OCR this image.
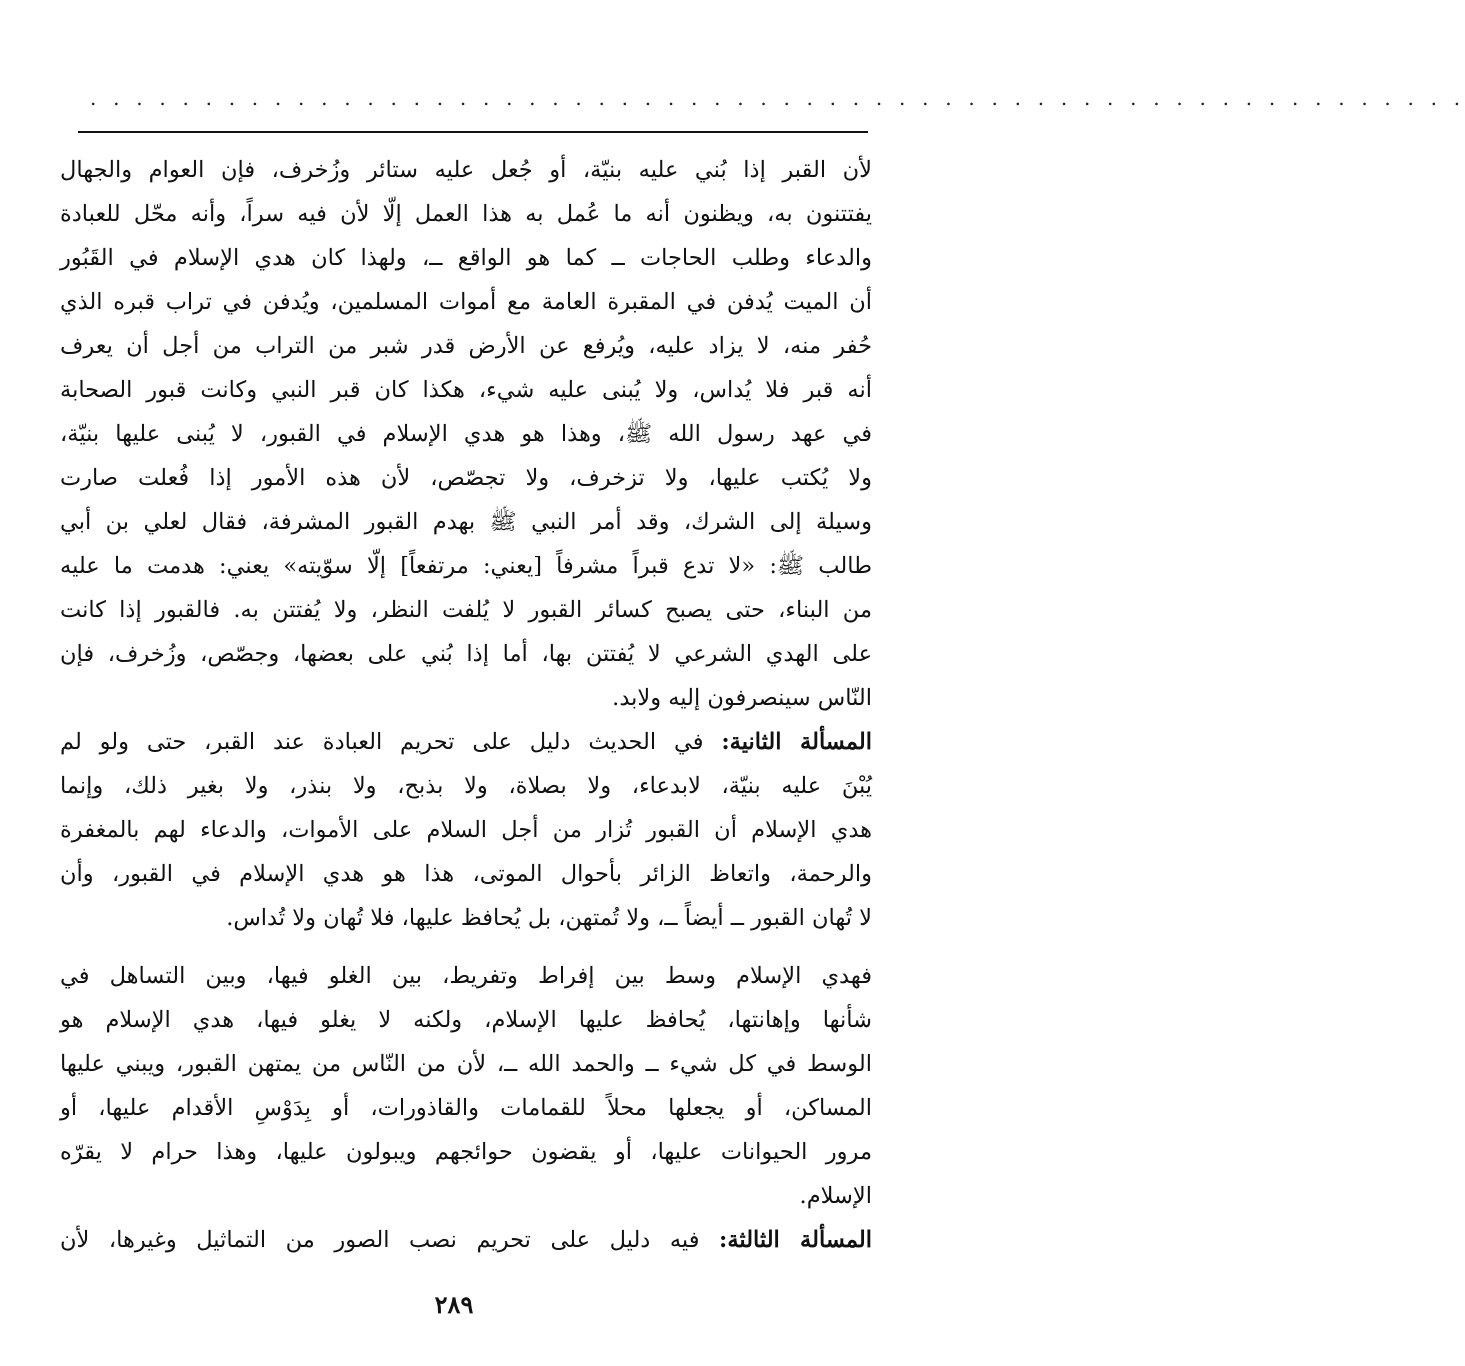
. . . . . . . . . . . . . . . . . . . . . . . . . . . . . . . . . . . . . . . . . . . . . . . . . . . . . . . . . . . .
لأن القبر إذا بُني عليه بنيّة، أو جُعل عليه ستائر وزُخرف، فإن العوام والجهال
يفتتنون به، ويظنون أنه ما عُمل به هذا العمل إلّا لأن فيه سراً، وأنه محّل للعبادة
والدعاء وطلب الحاجات ــ كما هو الواقع ــ، ولهذا كان هدي الإسلام في القَبُور
أن الميت يُدفن في المقبرة العامة مع أموات المسلمين، ويُدفن في تراب قبره الذي
حُفر منه، لا يزاد عليه، ويُرفع عن الأرض قدر شبر من التراب من أجل أن يعرف
أنه قبر فلا يُداس، ولا يُبنى عليه شيء، هكذا كان قبر النبي وكانت قبور الصحابة
في عهد رسول الله ﷺ، وهذا هو هدي الإسلام في القبور، لا يُبنى عليها بنيّة،
ولا يُكتب عليها، ولا تزخرف، ولا تجصّص، لأن هذه الأمور إذا فُعلت صارت
وسيلة إلى الشرك، وقد أمر النبي ﷺ بهدم القبور المشرفة، فقال لعلي بن أبي
طالب ﷺ: «لا تدع قبراً مشرفاً [يعني: مرتفعاً] إلّا سوّيته» يعني: هدمت ما عليه
من البناء، حتى يصبح كسائر القبور لا يُلفت النظر، ولا يُفتتن به. فالقبور إذا كانت
على الهدي الشرعي لا يُفتتن بها، أما إذا بُني على بعضها، وجصّص، وزُخرف، فإن
النّاس سينصرفون إليه ولابد.
المسألة الثانية: في الحديث دليل على تحريم العبادة عند القبر، حتى ولو لم
يُبْنَ عليه بنيّة، لابدعاء، ولا بصلاة، ولا بذبح، ولا بنذر، ولا بغير ذلك، وإنما
هدي الإسلام أن القبور تُزار من أجل السلام على الأموات، والدعاء لهم بالمغفرة
والرحمة، واتعاظ الزائر بأحوال الموتى، هذا هو هدي الإسلام في القبور، وأن
لا تُهان القبور ــ أيضاً ــ، ولا تُمتهن، بل يُحافظ عليها، فلا تُهان ولا تُداس.
فهدي الإسلام وسط بين إفراط وتفريط، بين الغلو فيها، وبين التساهل في
شأنها وإهانتها، يُحافظ عليها الإسلام، ولكنه لا يغلو فيها، هدي الإسلام هو
الوسط في كل شيء ــ والحمد الله ــ، لأن من النّاس من يمتهن القبور، ويبني عليها
المساكن، أو يجعلها محلاً للقمامات والقاذورات، أو بِدَوْسِ الأقدام عليها، أو
مرور الحيوانات عليها، أو يقضون حوائجهم ويبولون عليها، وهذا حرام لا يقرّه
الإسلام.
المسألة الثالثة: فيه دليل على تحريم نصب الصور من التماثيل وغيرها، لأن
٢٨٩
